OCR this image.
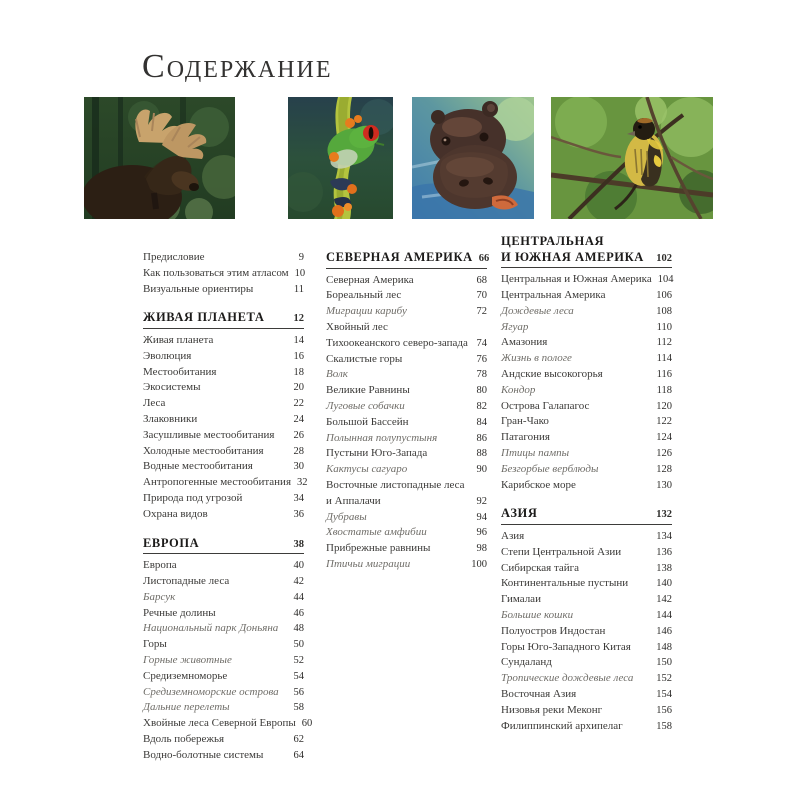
СОДЕРЖАНИЕ
Предисловие	9
Как пользоваться этим атласом 10
Визуальные ориентиры	11
ЖИВАЯ ПЛАНЕТА	12
Живая планета	14
Эволюция	16
Местообитания	18
Экосистемы	20
Леса	22
Злаковники	24
Засушливые местообитания	26
Холодные местообитания	28
Водные местообитания	30
Антропогенные местообитания 32
Природа под угрозой	34
Охрана видов	36
ЕВРОПА	38
Европа	40
Листопадные леса	42
Барсук	44
Речные долины	46
Национальный парк Доньяна	48
Горы	50
Горные животные	52
Средиземноморье	54
Средиземноморские острова	56
Дальние перелеты	58
Хвойные леса Северной Европы 60
Вдоль побережья	62
Водно-болотные системы	64
СЕВЕРНАЯ АМЕРИКА 66
Северная Америка	68
Бореальный лес	70
Миграции карибу	72
Хвойный лес
Тихоокеанского северо-запада 74
Скалистые горы	76
Волк	78
Великие Равнины	80
Луговые собачки	82
Большой Бассейн	84
Полынная полупустыня	86
Пустыни Юго-Запада	88
Кактусы сагуаро	90
Восточные листопадные леса
и Аппалачи	92
Дубравы	94
Хвостатые амфибии	96
Прибрежные равнины	98
Птичьи миграции	100
ЦЕНТРАЛЬНАЯ
И ЮЖНАЯ АМЕРИКА	102
Центральная и Южная Америка 104
Центральная Америка	106
Дождевые леса	108
Ягуар	110
Амазония	112
Жизнь в пологе	114
Андские высокогорья	116
Кондор	118
Острова Галапагос	120
Гран-Чако	122
Патагония	124
Птицы пампы	126
Безгорбые верблюды	128
Карибское море	130
АЗИЯ	132
Азия	134
Степи Центральной Азии	136
Сибирская тайга	138
Континентальные пустыни	140
Гималаи	142
Большие кошки	144
Полуостров Индостан	146
Горы Юго-Западного Китая	148
Сундаланд	150
Тропические дождевые леса	152
Восточная Азия	154
Низовья реки Меконг	156
Филиппинский архипелаг	158
